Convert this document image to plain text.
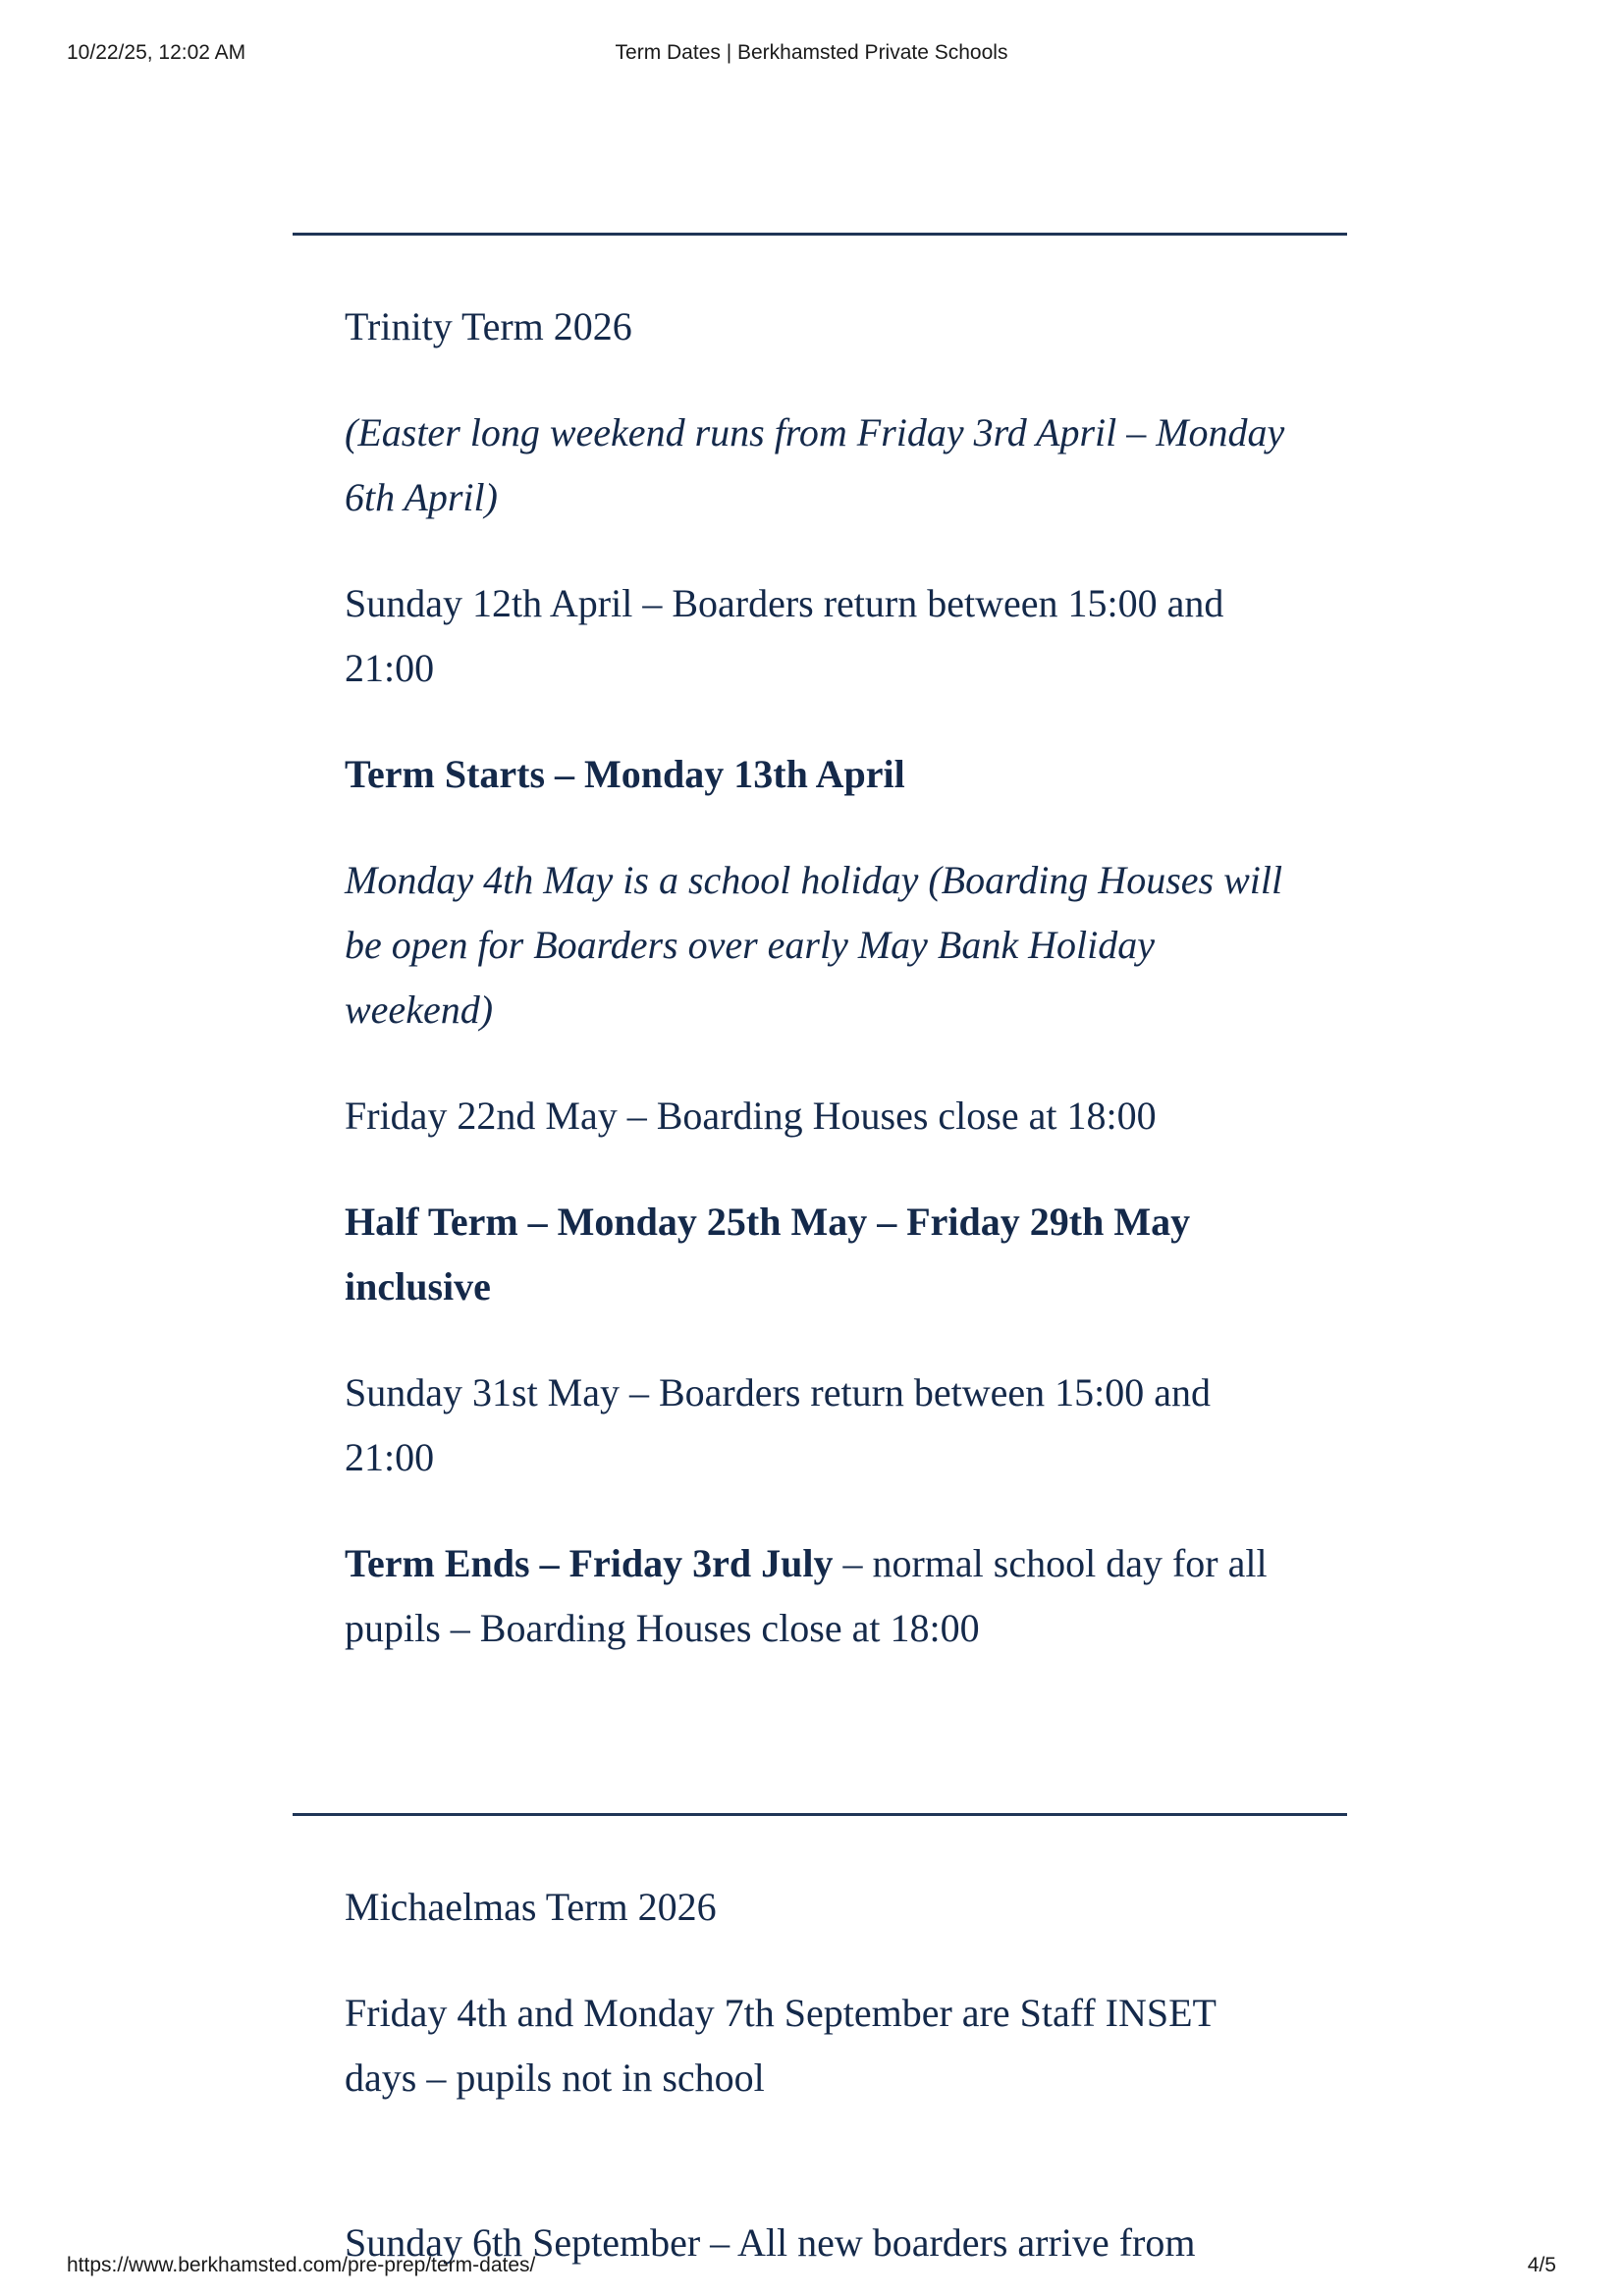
10/22/25, 12:02 AM	Term Dates | Berkhamsted Private Schools

Trinity Term 2026

(Easter long weekend runs from Friday 3rd April – Monday 6th April)

Sunday 12th April – Boarders return between 15:00 and 21:00

Term Starts – Monday 13th April

Monday 4th May is a school holiday (Boarding Houses will be open for Boarders over early May Bank Holiday weekend)

Friday 22nd May – Boarding Houses close at 18:00

Half Term – Monday 25th May – Friday 29th May inclusive

Sunday 31st May – Boarders return between 15:00 and 21:00

Term Ends – Friday 3rd July – normal school day for all pupils – Boarding Houses close at 18:00

Michaelmas Term 2026

Friday 4th and Monday 7th September are Staff INSET days – pupils not in school

Sunday 6th September – All new boarders arrive from

https://www.berkhamsted.com/pre-prep/term-dates/	4/5
